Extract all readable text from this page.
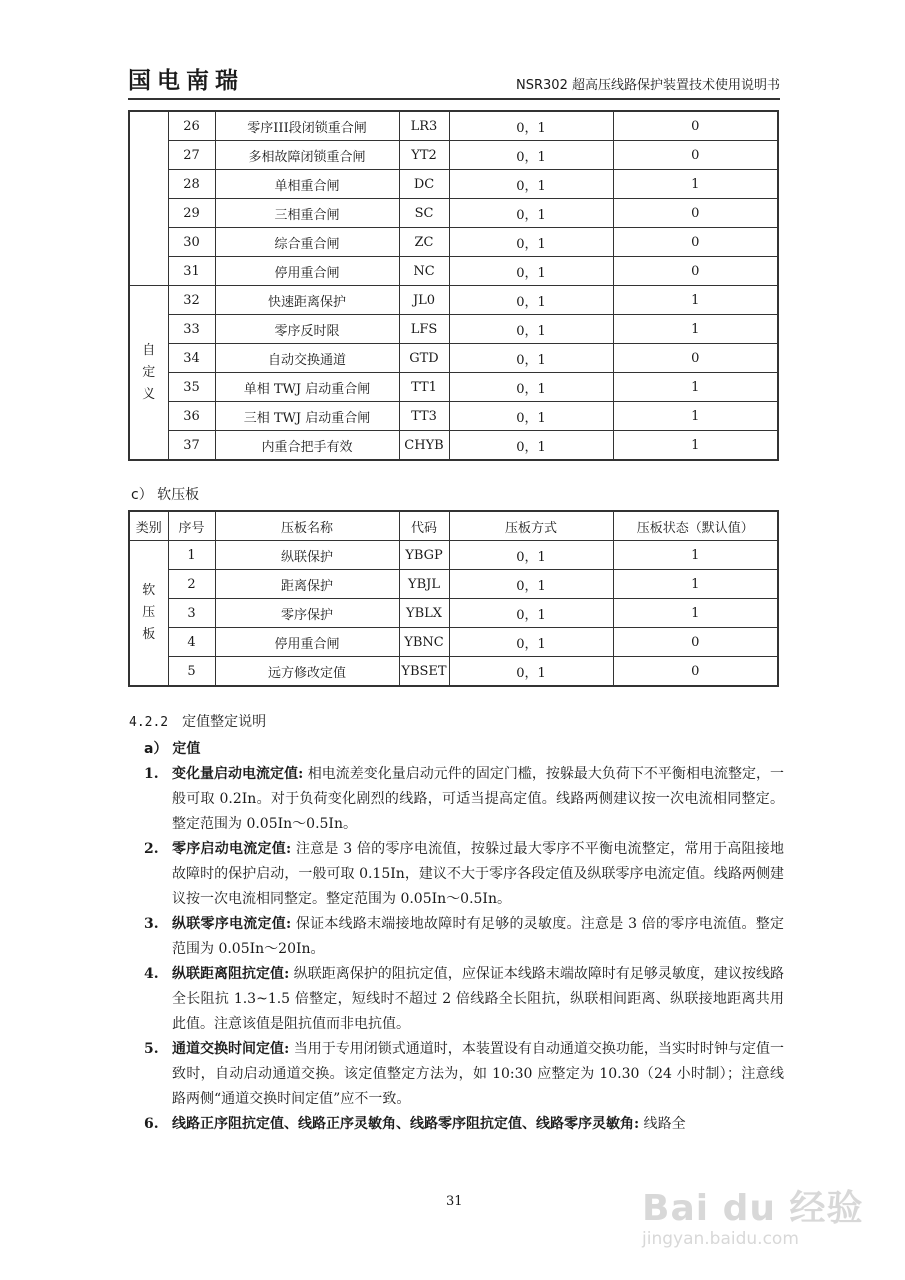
国电南瑞	NSR302 超高压线路保护装置技术使用说明书
	26	零序III段闭锁重合闸	LR3	0，1	0
	27	多相故障闭锁重合闸	YT2	0，1	0
	28	单相重合闸	DC	0，1	1
	29	三相重合闸	SC	0，1	0
	30	综合重合闸	ZC	0，1	0
	31	停用重合闸	NC	0，1	0

自
定
义	32	快速距离保护	JL0	0，1	1
	33	零序反时限	LFS	0，1	1
	34	自动交换通道	GTD	0，1	0
	35	单相 TWJ 启动重合闸	TT1	0，1	1
	36	三相 TWJ 启动重合闸	TT3	0，1	1
	37	内重合把手有效	CHYB	0，1	1
c） 软压板
类别	序号	压板名称	代码	压板方式	压板状态（默认值）

软
压
板	1	纵联保护	YBGP	0，1	1
	2	距离保护	YBJL	0，1	1
	3	零序保护	YBLX	0，1	1
	4	停用重合闸	YBNC	0，1	0
	5	远方修改定值	YBSET	0，1	0
4.2.2 定值整定说明
a） 定值
1. 变化量启动电流定值: 相电流差变化量启动元件的固定门槛，按躲最大负荷下不平衡相电流整定，一般可取 0.2In。对于负荷变化剧烈的线路，可适当提高定值。线路两侧建议按一次电流相同整定。整定范围为 0.05In～0.5In。
2. 零序启动电流定值: 注意是 3 倍的零序电流值，按躲过最大零序不平衡电流整定，常用于高阻接地故障时的保护启动，一般可取 0.15In，建议不大于零序各段定值及纵联零序电流定值。线路两侧建议按一次电流相同整定。整定范围为 0.05In～0.5In。
3. 纵联零序电流定值: 保证本线路末端接地故障时有足够的灵敏度。注意是 3 倍的零序电流值。整定范围为 0.05In～20In。
4. 纵联距离阻抗定值: 纵联距离保护的阻抗定值，应保证本线路末端故障时有足够灵敏度，建议按线路全长阻抗 1.3~1.5 倍整定，短线时不超过 2 倍线路全长阻抗，纵联相间距离、纵联接地距离共用此值。注意该值是阻抗值而非电抗值。
5. 通道交换时间定值: 当用于专用闭锁式通道时，本装置设有自动通道交换功能，当实时时钟与定值一致时，自动启动通道交换。该定值整定方法为，如 10:30 应整定为 10.30（24 小时制）；注意线路两侧“通道交换时间定值”应不一致。
6. 线路正序阻抗定值、线路正序灵敏角、线路零序阻抗定值、线路零序灵敏角: 线路全
31	Bai du 经验
jingyan.baidu.com
